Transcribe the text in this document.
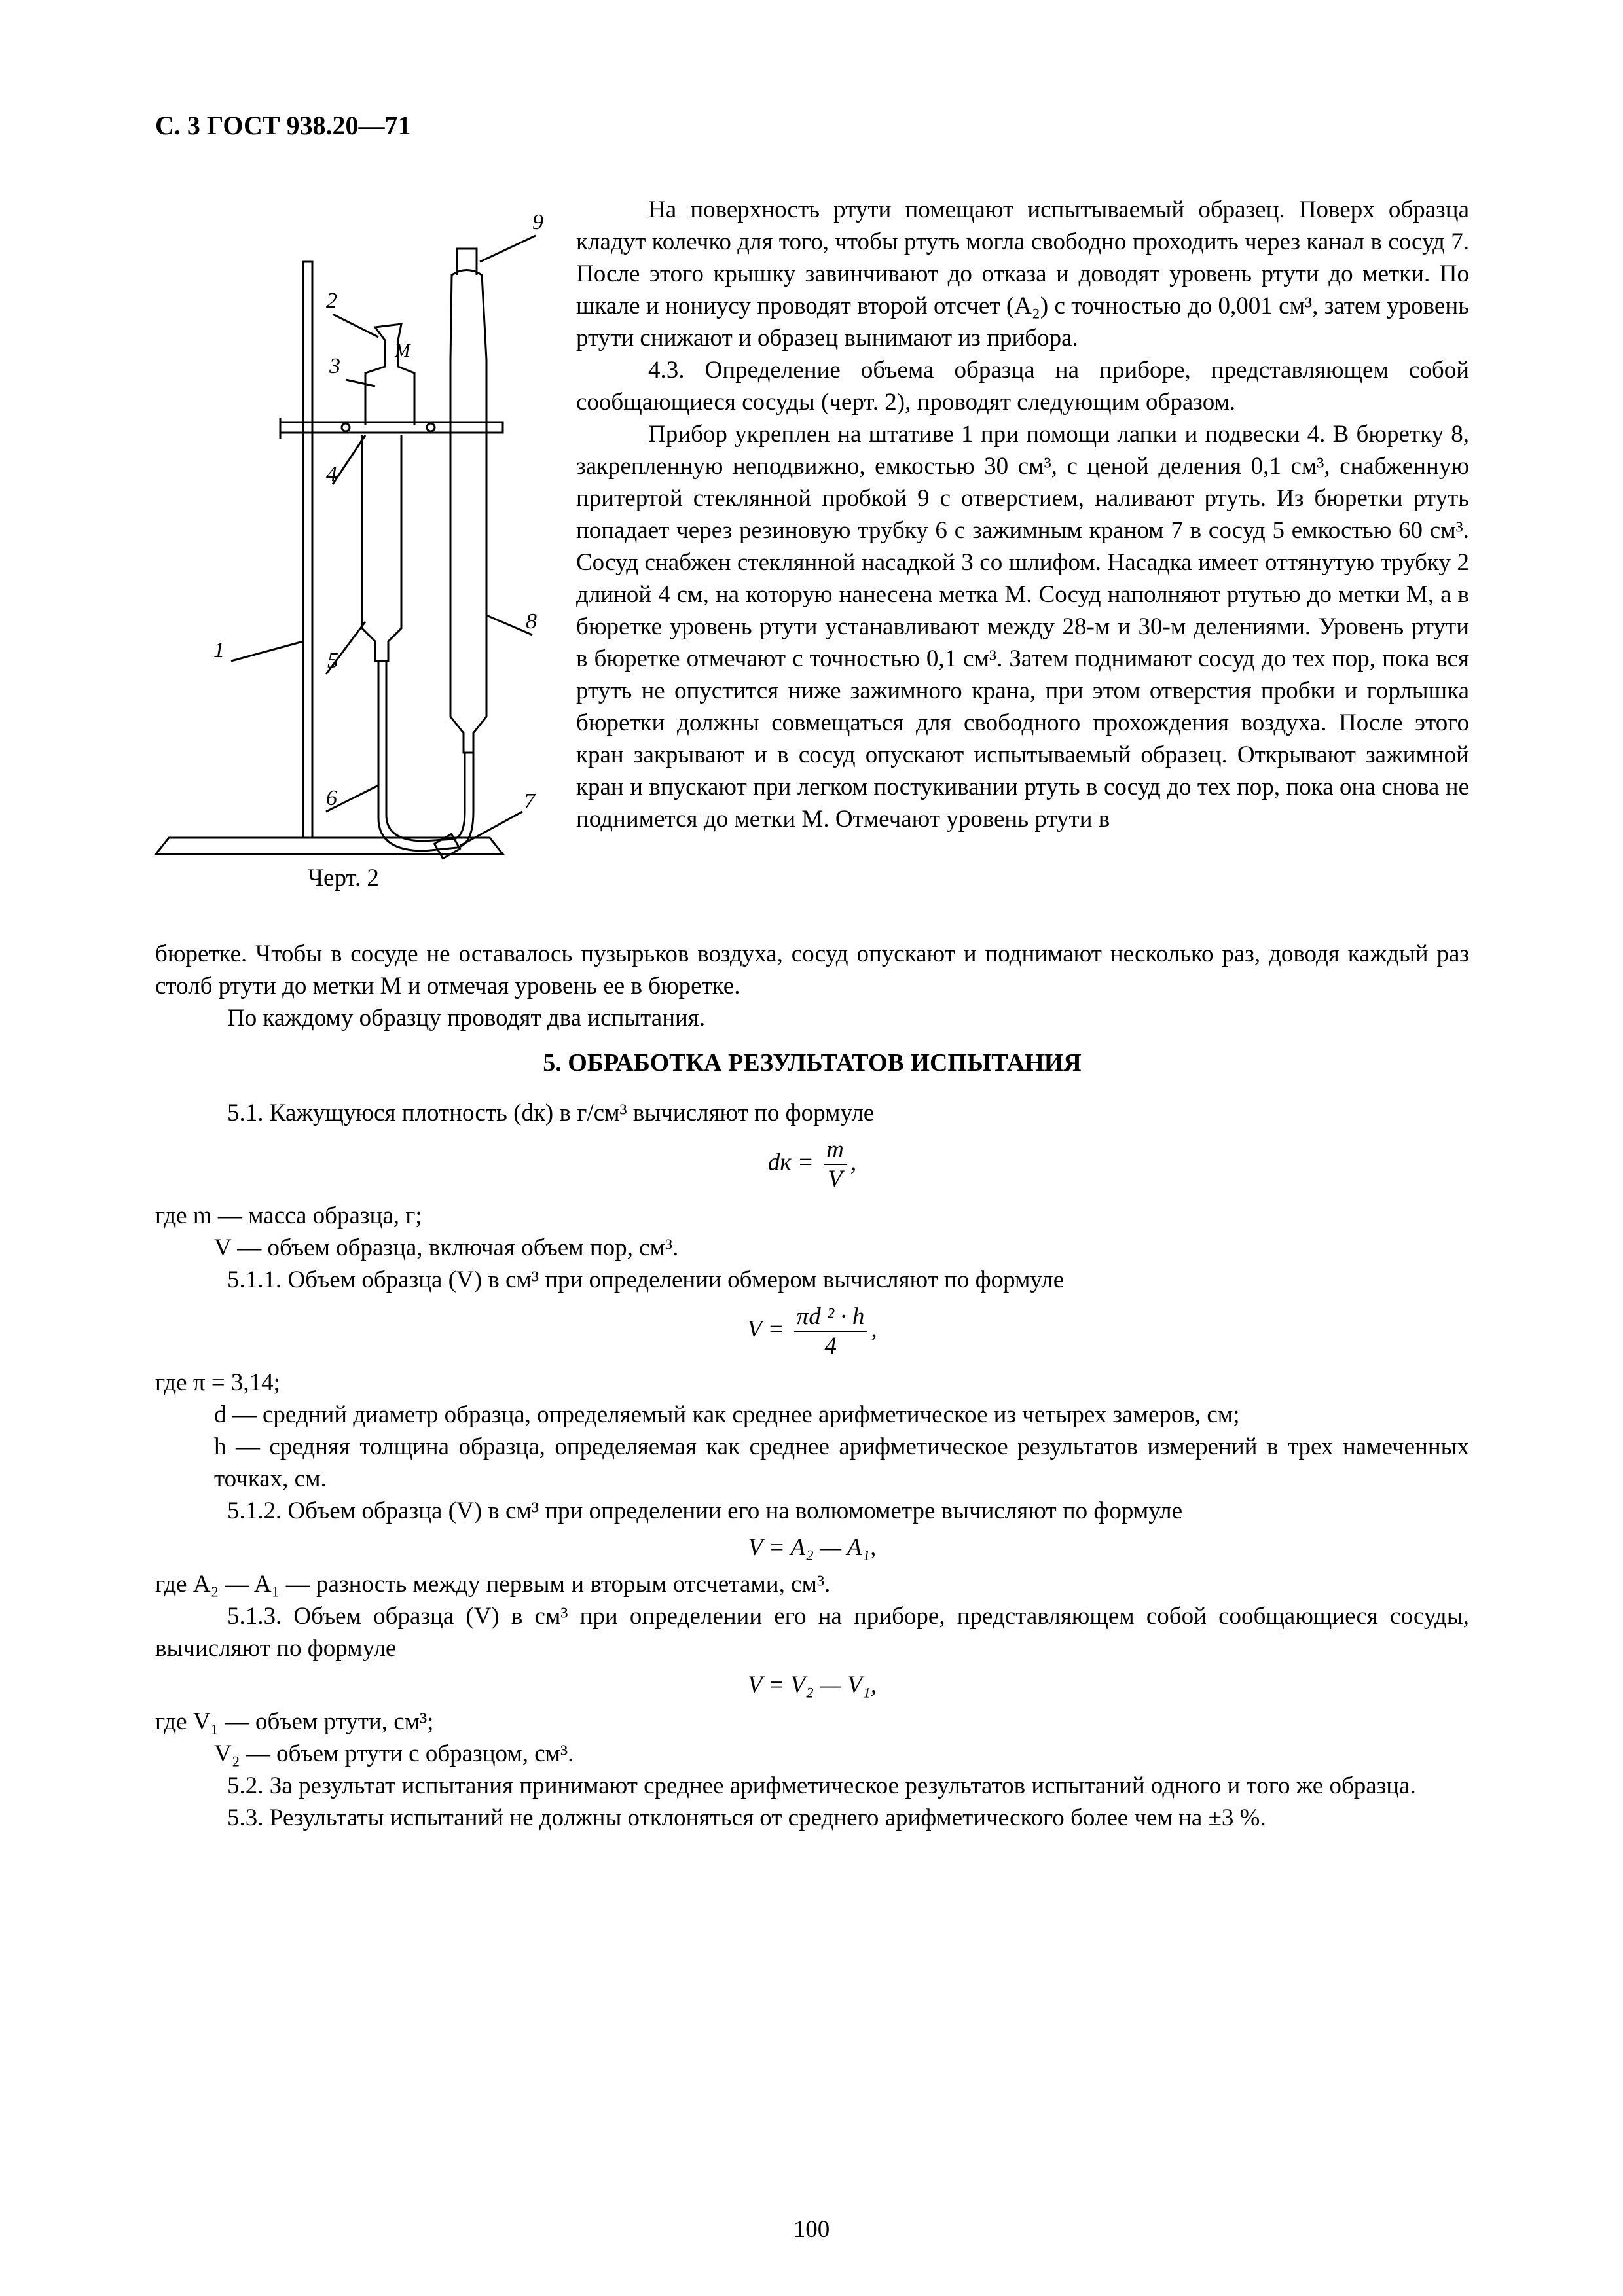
С. 3 ГОСТ 938.20—71
1
2
3
4
5
6	7
8
9
М
Черт. 2

На поверхность ртути помещают испытываемый образец. Поверх образца кладут колечко для того, чтобы ртуть могла свободно проходить через канал в сосуд 7. После этого крышку завинчивают до отказа и доводят уровень ртути до метки. По шкале и нониусу проводят второй отсчет (A₂) с точностью до 0,001 см³, затем уровень ртути снижают и образец вынимают из прибора.

4.3. Определение объема образца на приборе, представляющем собой сообщающиеся сосуды (черт. 2), проводят следующим образом.

Прибор укреплен на штативе 1 при помощи лапки и подвески 4. В бюретку 8, закрепленную неподвижно, емкостью 30 см³, с ценой деления 0,1 см³, снабженную притертой стеклянной пробкой 9 с отверстием, наливают ртуть. Из бюретки ртуть попадает через резиновую трубку 6 с зажимным краном 7 в сосуд 5 емкостью 60 см³. Сосуд снабжен стеклянной насадкой 3 со шлифом. Насадка имеет оттянутую трубку 2 длиной 4 см, на которую нанесена метка М. Сосуд наполняют ртутью до метки М, а в бюретке уровень ртути устанавливают между 28-м и 30-м делениями. Уровень ртути в бюретке отмечают с точностью 0,1 см³. Затем поднимают сосуд до тех пор, пока вся ртуть не опустится ниже зажимного крана, при этом отверстия пробки и горлышка бюретки должны совмещаться для свободного прохождения воздуха. После этого кран закрывают и в сосуд опускают испытываемый образец. Открывают зажимной кран и впускают при легком постукивании ртуть в сосуд до тех пор, пока она снова не поднимется до метки М. Отмечают уровень ртути в

бюретке. Чтобы в сосуде не оставалось пузырьков воздуха, сосуд опускают и поднимают несколько раз, доводя каждый раз столб ртути до метки М и отмечая уровень ее в бюретке.

По каждому образцу проводят два испытания.

5. ОБРАБОТКА РЕЗУЛЬТАТОВ ИСПЫТАНИЯ

5.1. Кажущуюся плотность (dк) в г/см³ вычисляют по формуле

dк = $\frac{m}{V}$ ,

где m — масса образца, г;

V — объем образца, включая объем пор, см³.

5.1.1. Объем образца (V) в см³ при определении обмером вычисляют по формуле

$V = \frac{\text{πd ² · h}}{4}$ ,

где π = 3,14;

d — средний диаметр образца, определяемый как среднее арифметическое из четырех замеров, см;

h — средняя толщина образца, определяемая как среднее арифметическое результатов измерений в трех намеченных точках, см.

5.1.2. Объем образца (V) в см³ при определении его на волюмометре вычисляют по формуле

V = A₂ — A₁,

где A₂ — A₁ — разность между первым и вторым отсчетами, см³.

5.1.3. Объем образца (V) в см³ при определении его на приборе, представляющем собой сообщающиеся сосуды, вычисляют по формуле

V = V₂ — V₁,

где V₁ — объем ртути, см³;

V₂ — объем ртути с образцом, см³.

5.2. За результат испытания принимают среднее арифметическое результатов испытаний одного и того же образца.

5.3. Результаты испытаний не должны отклоняться от среднего арифметического более чем на ±3 %.

100
